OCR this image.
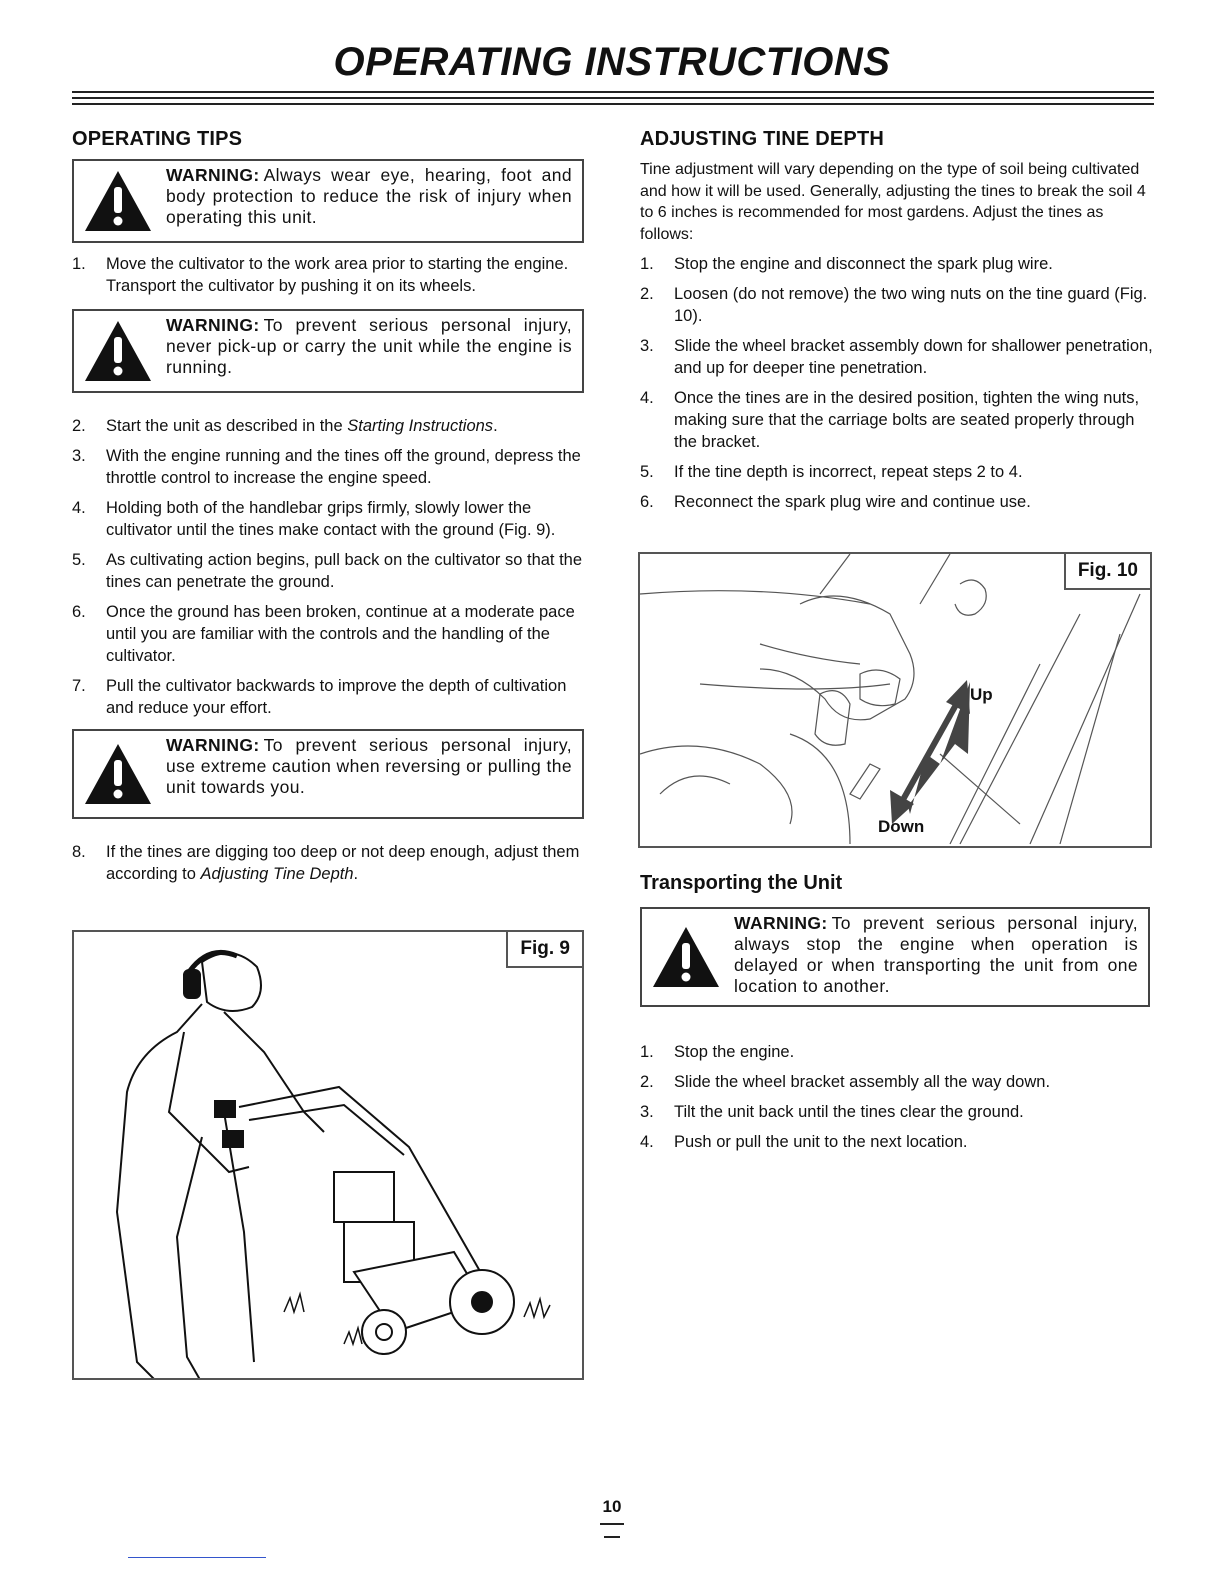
OPERATING INSTRUCTIONS
OPERATING TIPS
WARNING: Always wear eye, hearing, foot and body protection to reduce the risk of injury when operating this unit.
1. Move the cultivator to the work area prior to starting the engine. Transport the cultivator by pushing it on its wheels.
WARNING: To prevent serious personal injury, never pick-up or carry the unit while the engine is running.
2. Start the unit as described in the Starting Instructions.
3. With the engine running and the tines off the ground, depress the throttle control to increase the engine speed.
4. Holding both of the handlebar grips firmly, slowly lower the cultivator until the tines make contact with the ground (Fig. 9).
5. As cultivating action begins, pull back on the cultivator so that the tines can penetrate the ground.
6. Once the ground has been broken, continue at a moderate pace until you are familiar with the controls and the handling of the cultivator.
7. Pull the cultivator backwards to improve the depth of cultivation and reduce your effort.
WARNING: To prevent serious personal injury, use extreme caution when reversing or pulling the unit towards you.
8. If the tines are digging too deep or not deep enough, adjust them according to Adjusting Tine Depth.
Fig. 9
ADJUSTING TINE DEPTH

Tine adjustment will vary depending on the type of soil being cultivated and how it will be used. Generally, adjusting the tines to break the soil 4 to 6 inches is recommended for most gardens. Adjust the tines as follows:

1. Stop the engine and disconnect the spark plug wire.
2. Loosen (do not remove) the two wing nuts on the tine guard (Fig. 10).
3. Slide the wheel bracket assembly down for shallower penetration, and up for deeper tine penetration.
4. Once the tines are in the desired position, tighten the wing nuts, making sure that the carriage bolts are seated properly through the bracket.
5. If the tine depth is incorrect, repeat steps 2 to 4.
6. Reconnect the spark plug wire and continue use.
Up
Down
Fig. 10
Transporting the Unit
WARNING: To prevent serious personal injury, always stop the engine when operation is delayed or when transporting the unit from one location to another.
1. Stop the engine.
2. Slide the wheel bracket assembly all the way down.
3. Tilt the unit back until the tines clear the ground.
4. Push or pull the unit to the next location.
10
